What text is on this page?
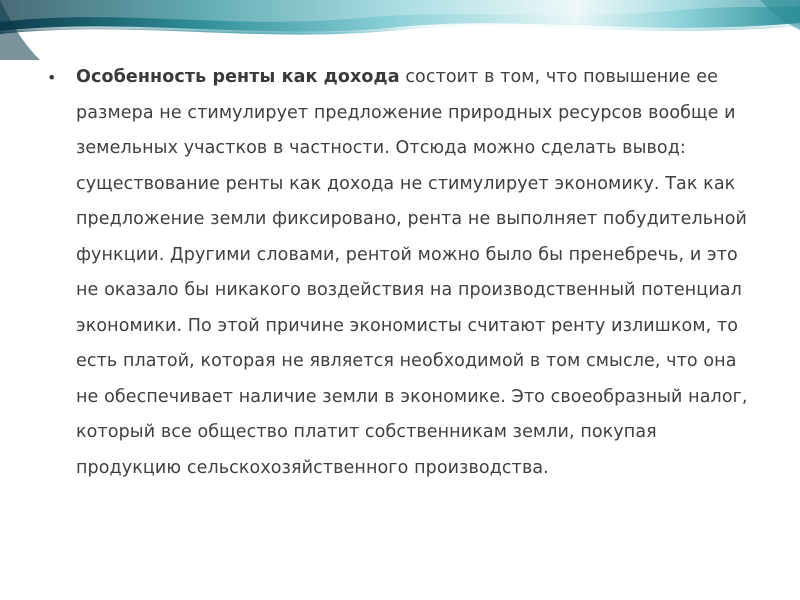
•	Особенность ренты как дохода состоит в том, что повышение ее размера не стимулирует предложение природных ресурсов вообще и земельных участков в частности. Отсюда можно сделать вывод: существование ренты как дохода не стимулирует экономику. Так как предложение земли фиксировано, рента не выполняет побудительной функции. Другими словами, рентой можно было бы пренебречь, и это не оказало бы никакого воздействия на производственный потенциал экономики. По этой причине экономисты считают ренту излишком, то есть платой, которая не является необходимой в том смысле, что она не обеспечивает наличие земли в экономике. Это своеобразный налог, который все общество платит собственникам земли, покупая продукцию сельскохозяйственного производства.
